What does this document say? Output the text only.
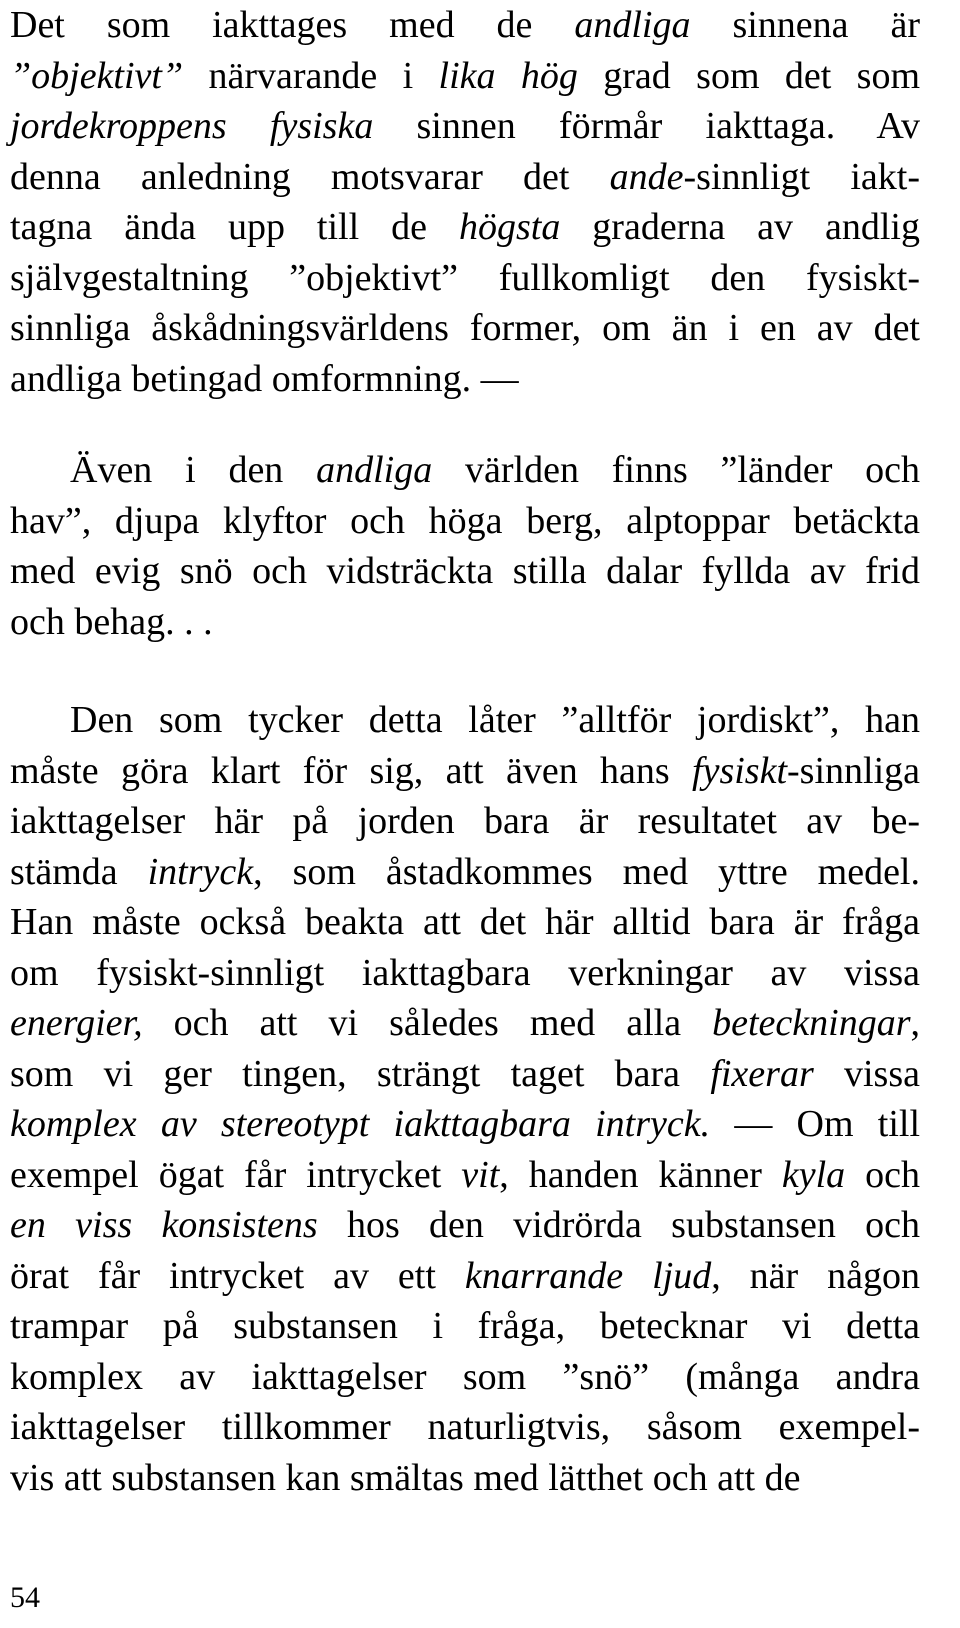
Det som iakttages med de andliga sinnena är
”objektivt” närvarande i lika hög grad som det som
jordekroppens fysiska sinnen förmår iakttaga. Av
denna anledning motsvarar det ande-sinnligt iakt-
tagna ända upp till de högsta graderna av andlig
självgestaltning ”objektivt” fullkomligt den fysiskt-
sinnliga åskådningsvärldens former, om än i en av det
andliga betingad omformning. —
Även i den andliga världen finns ”länder och
hav”, djupa klyftor och höga berg, alptoppar betäckta
med evig snö och vidsträckta stilla dalar fyllda av frid
och behag. . .
Den som tycker detta låter ”alltför jordiskt”, han
måste göra klart för sig, att även hans fysiskt-sinnliga
iakttagelser här på jorden bara är resultatet av be-
stämda intryck, som åstadkommes med yttre medel.
Han måste också beakta att det här alltid bara är fråga
om fysiskt-sinnligt iakttagbara verkningar av vissa
energier, och att vi således med alla beteckningar,
som vi ger tingen, strängt taget bara fixerar vissa
komplex av stereotypt iakttagbara intryck. — Om till
exempel ögat får intrycket vit, handen känner kyla och
en viss konsistens hos den vidrörda substansen och
örat får intrycket av ett knarrande ljud, när någon
trampar på substansen i fråga, betecknar vi detta
komplex av iakttagelser som ”snö” (många andra
iakttagelser tillkommer naturligtvis, såsom exempel-
vis att substansen kan smältas med lätthet och att de
54
